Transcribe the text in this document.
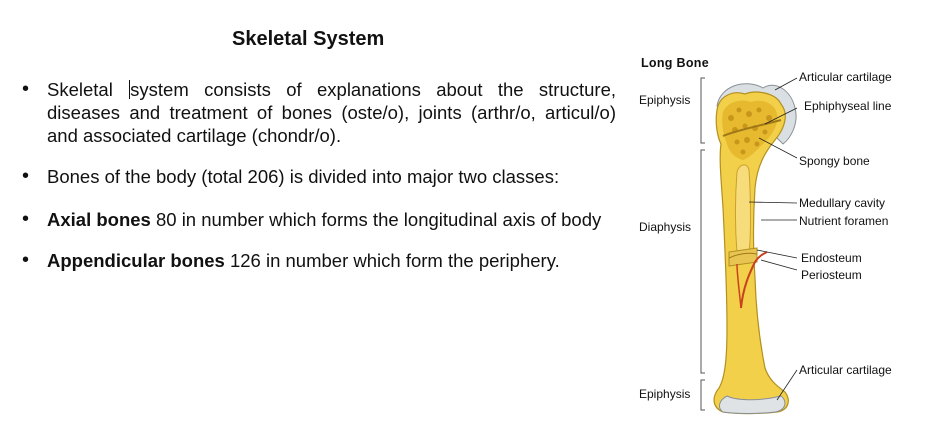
Skeletal System
• Skeletal system consists of explanations about the structure, diseases and treatment of bones (oste/o), joints (arthr/o, articul/o) and associated cartilage (chondr/o).
• Bones of the body (total 206) is divided into major two classes:
• Axial bones 80 in number which forms the longitudinal axis of body
• Appendicular bones 126 in number which form the periphery.
Long Bone
Epiphysis
Diaphysis
Epiphysis
Articular cartilage
Ephiphyseal line
Spongy bone
Medullary cavity
Nutrient foramen
Endosteum
Periosteum
Articular cartilage
